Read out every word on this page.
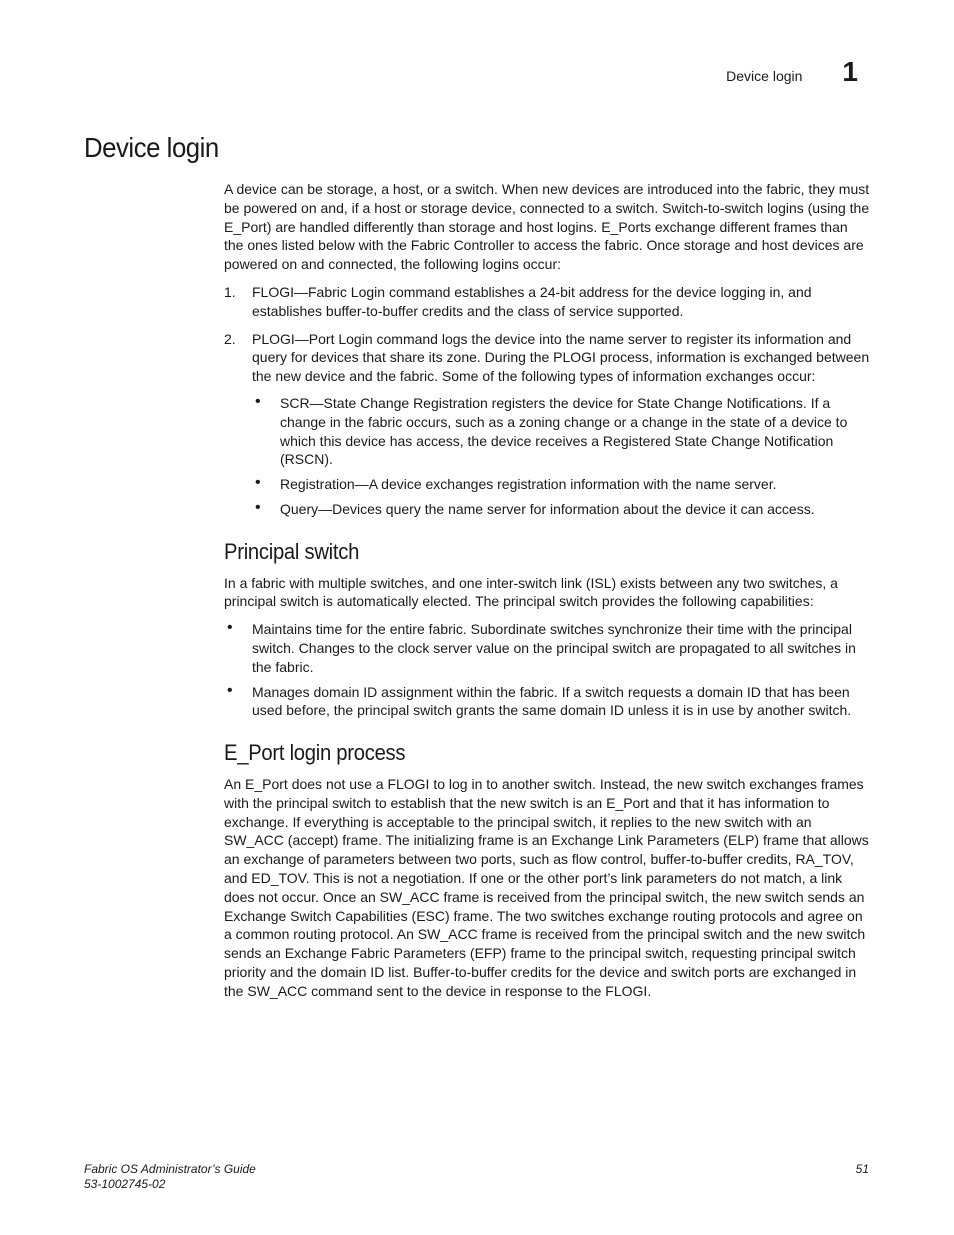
Device login 1
Device login

A device can be storage, a host, or a switch. When new devices are introduced into the fabric, they must be powered on and, if a host or storage device, connected to a switch. Switch-to-switch logins (using the E_Port) are handled differently than storage and host logins. E_Ports exchange different frames than the ones listed below with the Fabric Controller to access the fabric. Once storage and host devices are powered on and connected, the following logins occur:

1. FLOGI—Fabric Login command establishes a 24-bit address for the device logging in, and establishes buffer-to-buffer credits and the class of service supported.
2. PLOGI—Port Login command logs the device into the name server to register its information and query for devices that share its zone. During the PLOGI process, information is exchanged between the new device and the fabric. Some of the following types of information exchanges occur:
• SCR—State Change Registration registers the device for State Change Notifications. If a change in the fabric occurs, such as a zoning change or a change in the state of a device to which this device has access, the device receives a Registered State Change Notification (RSCN).
• Registration—A device exchanges registration information with the name server.
• Query—Devices query the name server for information about the device it can access.
Principal switch

In a fabric with multiple switches, and one inter-switch link (ISL) exists between any two switches, a principal switch is automatically elected. The principal switch provides the following capabilities:

• Maintains time for the entire fabric. Subordinate switches synchronize their time with the principal switch. Changes to the clock server value on the principal switch are propagated to all switches in the fabric.
• Manages domain ID assignment within the fabric. If a switch requests a domain ID that has been used before, the principal switch grants the same domain ID unless it is in use by another switch.
E_Port login process

An E_Port does not use a FLOGI to log in to another switch. Instead, the new switch exchanges frames with the principal switch to establish that the new switch is an E_Port and that it has information to exchange. If everything is acceptable to the principal switch, it replies to the new switch with an SW_ACC (accept) frame. The initializing frame is an Exchange Link Parameters (ELP) frame that allows an exchange of parameters between two ports, such as flow control, buffer-to-buffer credits, RA_TOV, and ED_TOV. This is not a negotiation. If one or the other port’s link parameters do not match, a link does not occur. Once an SW_ACC frame is received from the principal switch, the new switch sends an Exchange Switch Capabilities (ESC) frame. The two switches exchange routing protocols and agree on a common routing protocol. An SW_ACC frame is received from the principal switch and the new switch sends an Exchange Fabric Parameters (EFP) frame to the principal switch, requesting principal switch priority and the domain ID list. Buffer-to-buffer credits for the device and switch ports are exchanged in the SW_ACC command sent to the device in response to the FLOGI.

Fabric OS Administrator’s Guide
53-1002745-02
51
